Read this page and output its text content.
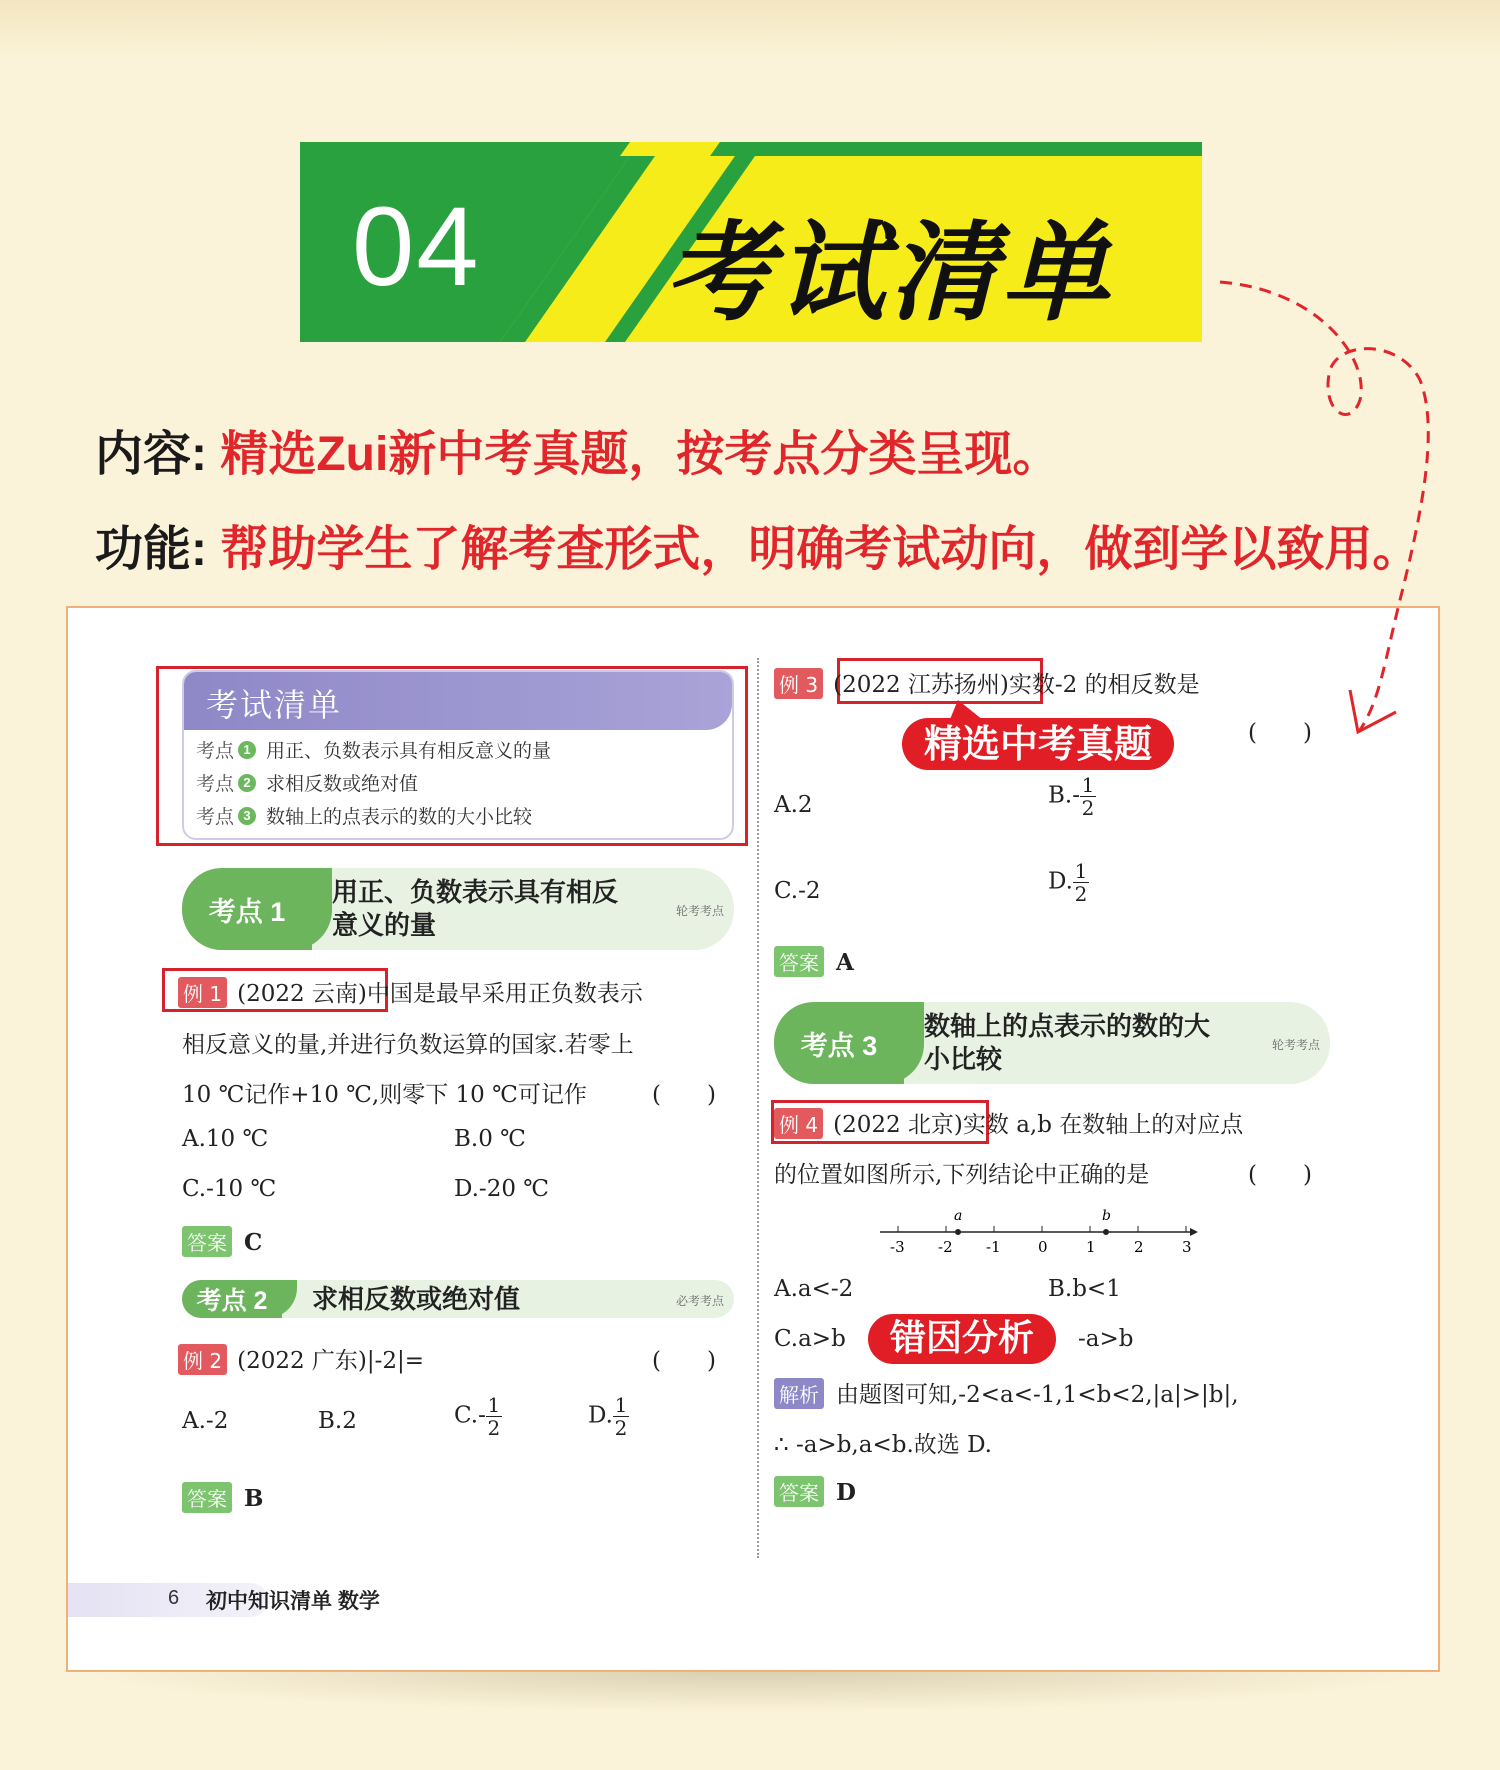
04	考试清单
内容: 精选Zui新中考真题，按考点分类呈现。
功能: 帮助学生了解考查形式，明确考试动向，做到学以致用。
考试清单
考点 1 用正、负数表示具有相反意义的量
考点 2 求相反数或绝对值
考点 3 数轴上的点表示的数的大小比较
考点 1
用正、负数表示具有相反
意义的量	轮考考点
例 1 (2022 云南)中国是最早采用正负数表示
相反意义的量,并进行负数运算的国家.若零上
10 ℃记作+10 ℃,则零下 10 ℃可记作	(　　)
A.10 ℃	B.0 ℃
C.-10 ℃	D.-20 ℃
答案 C
考点 2	求相反数或绝对值	必考考点
例 2 (2022 广东)|-2|=	(　　)
A.-2	B.2	$C.- \frac{1}{2}$	D. $\frac{1}{2}$
答案 B
例 3 (2022 江苏扬州)实数-2 的相反数是
(　　)
精选中考真题
A.2	$B.- \frac{1}{2}$
C.-2	D. $\frac{1}{2}$
答案 A
考点 3
数轴上的点表示的数的大
小比较	轮考考点
例 4 (2022 北京)实数 a,b 在数轴上的对应点
的位置如图所示,下列结论中正确的是	(　　)
a	b
-3 -2 -1 0	1	2	3
A.a<-2	B.b<1
C.a>b	-a>b
错因分析
解析 由题图可知,-2<a<-1,1<b<2,|a|>|b|,
∴ -a>b,a<b.故选 D.
答案 D
6 初中知识清单 数学
